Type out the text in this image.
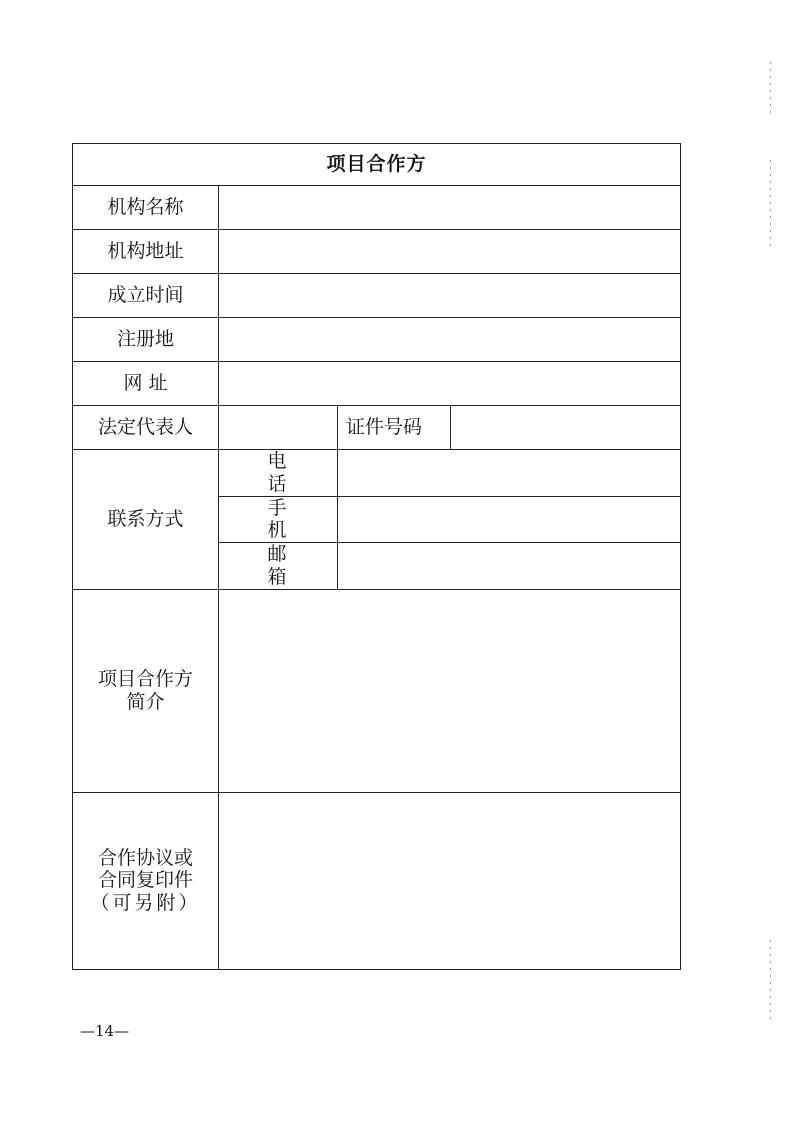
项目合作方			
机构名称			
机构地址			
成立时间			
注册地			
网 址			
法定代表人		证件号码	
联系方式	电 话		
	手 机		
	邮 箱		

项目合作方
简介			

合作协议或
合同复印件
（可另附）			

—14—
